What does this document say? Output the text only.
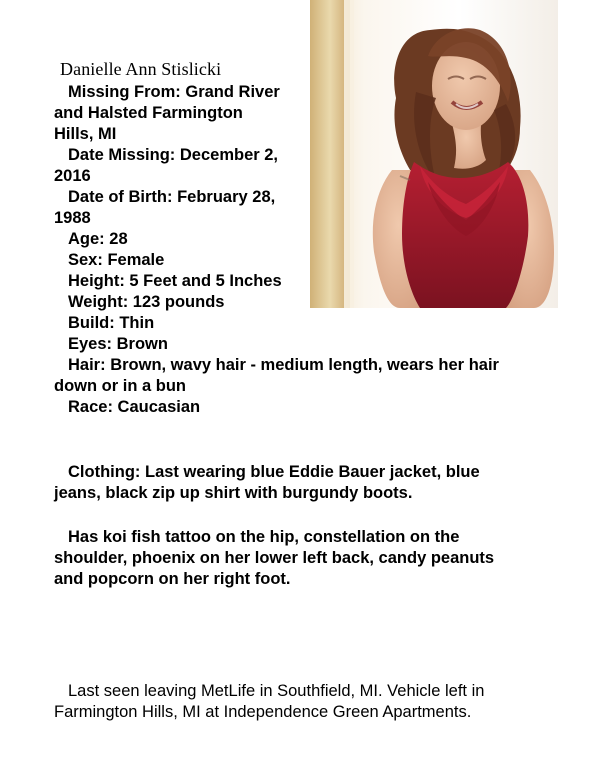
Danielle Ann Stislicki

Missing From: Grand River

and Halsted Farmington

Hills, MI

Date Missing: December 2,

2016

Date of Birth: February 28,

1988

Age: 28

Sex: Female

Height: 5 Feet and 5 Inches

Weight: 123 pounds

Build: Thin

Eyes: Brown

Hair: Brown, wavy hair - medium length, wears her hair

down or in a bun

Race: Caucasian

Clothing: Last wearing blue Eddie Bauer jacket, blue

jeans, black zip up shirt with burgundy boots.

Has koi fish tattoo on the hip, constellation on the

shoulder, phoenix on her lower left back, candy peanuts

and popcorn on her right foot.

Last seen leaving MetLife in Southfield, MI. Vehicle left in

Farmington Hills, MI at Independence Green Apartments.
